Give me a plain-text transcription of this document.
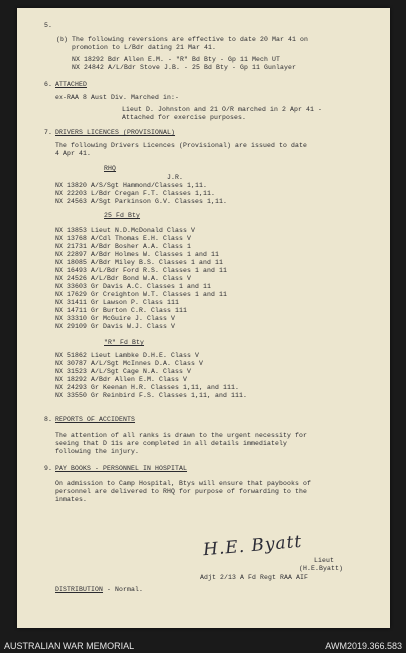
5.
(b) The following reversions are effective to date 20 Mar 41 on
promotion to L/Bdr dating 21 Mar 41.
NX 18292 Bdr Allen E.M. - "R" Bd Bty - Gp 11 Mech UT
NX 24842 A/L/Bdr Stove J.B. - 25 Bd Bty - Gp 11 Gunlayer
6. ATTACHED
ex-RAA 8 Aust Div. Marched in:-
Lieut D. Johnston and 21 O/R marched in 2 Apr 41 -
Attached for exercise purposes.
7. DRIVERS LICENCES (PROVISIONAL)
The following Drivers Licences (Provisional) are issued to date
4 Apr 41.
RHQ
J.R.
NX 13820 A/S/Sgt Hammond/Classes 1,11.
NX 22203 L/Bdr Cregan F.T. Classes 1,11.
NX 24563 A/Sgt Parkinson G.V. Classes 1,11.
25 Fd Bty
NX 13853 Lieut N.D.McDonald Class V
NX 13768 A/Cdl Thomas E.H. Class V
NX 21731 A/Bdr Bosher A.A. Class 1
NX 22897 A/Bdr Holmes W. Classes 1 and 11
NX 18085 A/Bdr Miley B.S. Classes 1 and 11
NX 16493 A/L/Bdr Ford R.S. Classes 1 and 11
NX 24526 A/L/Bdr Bond W.A. Class V
NX 33603 Gr Davis A.C. Classes 1 and 11
NX 17629 Gr Creighton W.T. Classes 1 and 11
NX 31411 Gr Lawson P. Class 111
NX 14711 Gr Burton C.R. Class 111
NX 33310 Gr McGuire J. Class V
NX 29109 Gr Davis W.J. Class V
"R" Fd Bty
NX 51862 Lieut Lambke D.H.E. Class V
NX 30787 A/L/Sgt McInnes D.A. Class V
NX 31523 A/L/Sgt Cage N.A. Class V
NX 18292 A/Bdr Allen E.M. Class V
NX 24293 Gr Keenan H.R. Classes 1,11, and 111.
NX 33550 Gr Reinbird F.S. Classes 1,11, and 111.
8. REPORTS OF ACCIDENTS
The attention of all ranks is drawn to the urgent necessity for
seeing that D 11s are completed in all details immediately
following the injury.
9. PAY BOOKS - PERSONNEL IN HOSPITAL
On admission to Camp Hospital, Btys will ensure that paybooks of
personnel are delivered to RHQ for purpose of forwarding to the
inmates.
H.E. Byatt
Lieut
(H.E.Byatt)
Adjt 2/13 A Fd Regt RAA AIF
DISTRIBUTION - Normal.
AUSTRALIAN WAR MEMORIAL	AWM2019.366.583
